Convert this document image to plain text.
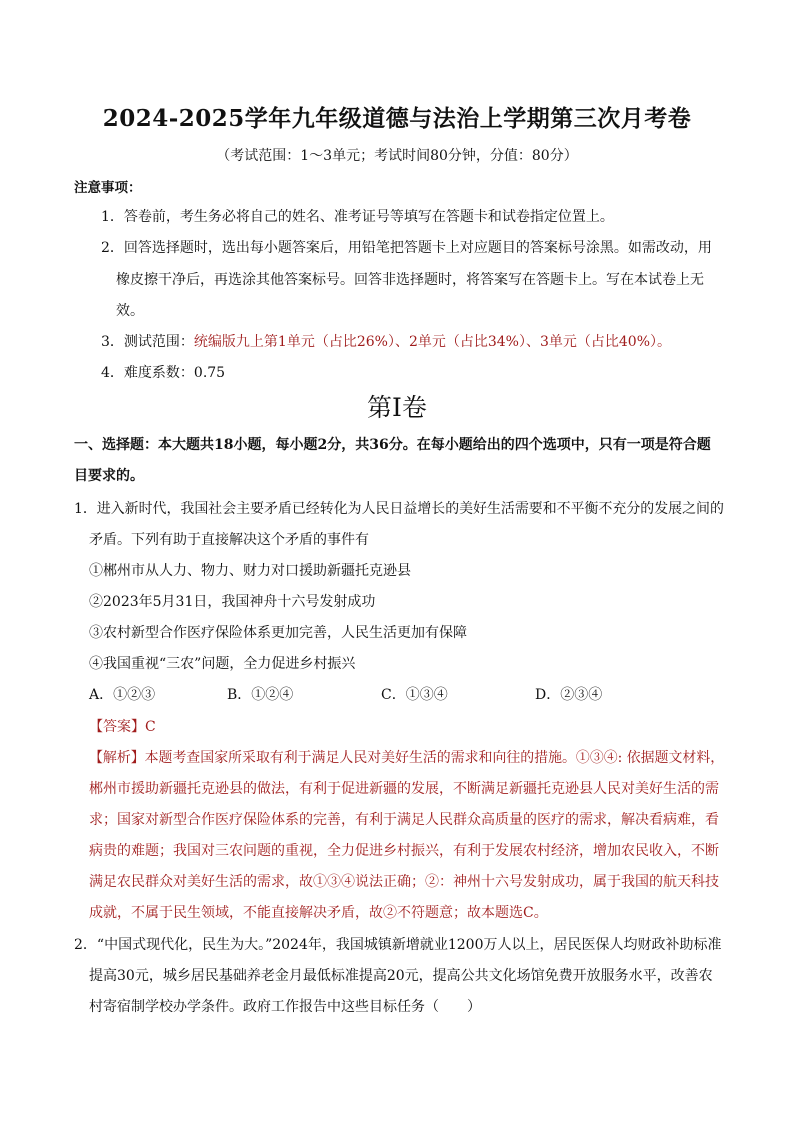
2024-2025学年九年级道德与法治上学期第三次月考卷
（考试范围：1～3单元；考试时间80分钟，分值：80分）
注意事项：
1．答卷前，考生务必将自己的姓名、准考证号等填写在答题卡和试卷指定位置上。
2．回答选择题时，选出每小题答案后，用铅笔把答题卡上对应题目的答案标号涂黑。如需改动，用
橡皮擦干净后，再选涂其他答案标号。回答非选择题时，将答案写在答题卡上。写在本试卷上无
效。
3．测试范围：统编版九上第1单元（占比26%）、2单元（占比34%）、3单元（占比40%）。
4．难度系数：0.75
第Ⅰ卷
一、选择题：本大题共18小题，每小题2分，共36分。在每小题给出的四个选项中，只有一项是符合题
目要求的。
1．进入新时代，我国社会主要矛盾已经转化为人民日益增长的美好生活需要和不平衡不充分的发展之间的
矛盾。下列有助于直接解决这个矛盾的事件有
①郴州市从人力、物力、财力对口援助新疆托克逊县
②2023年5月31日，我国神舟十六号发射成功
③农村新型合作医疗保险体系更加完善，人民生活更加有保障
④我国重视“三农”问题，全力促进乡村振兴
A．①②③	B．①②④	C．①③④	D．②③④
【答案】C
【解析】本题考查国家所采取有利于满足人民对美好生活的需求和向往的措施。①③④: 依据题文材料，
郴州市援助新疆托克逊县的做法，有利于促进新疆的发展，不断满足新疆托克逊县人民对美好生活的需
求；国家对新型合作医疗保险体系的完善，有利于满足人民群众高质量的医疗的需求，解决看病难，看
病贵的难题；我国对三农问题的重视，全力促进乡村振兴，有利于发展农村经济，增加农民收入，不断
满足农民群众对美好生活的需求，故①③④说法正确；②：神州十六号发射成功，属于我国的航天科技
成就，不属于民生领域，不能直接解决矛盾，故②不符题意；故本题选C。
2．“中国式现代化，民生为大。”2024年，我国城镇新增就业1200万人以上，居民医保人均财政补助标准
提高30元，城乡居民基础养老金月最低标准提高20元，提高公共文化场馆免费开放服务水平，改善农
村寄宿制学校办学条件。政府工作报告中这些目标任务（　　）
